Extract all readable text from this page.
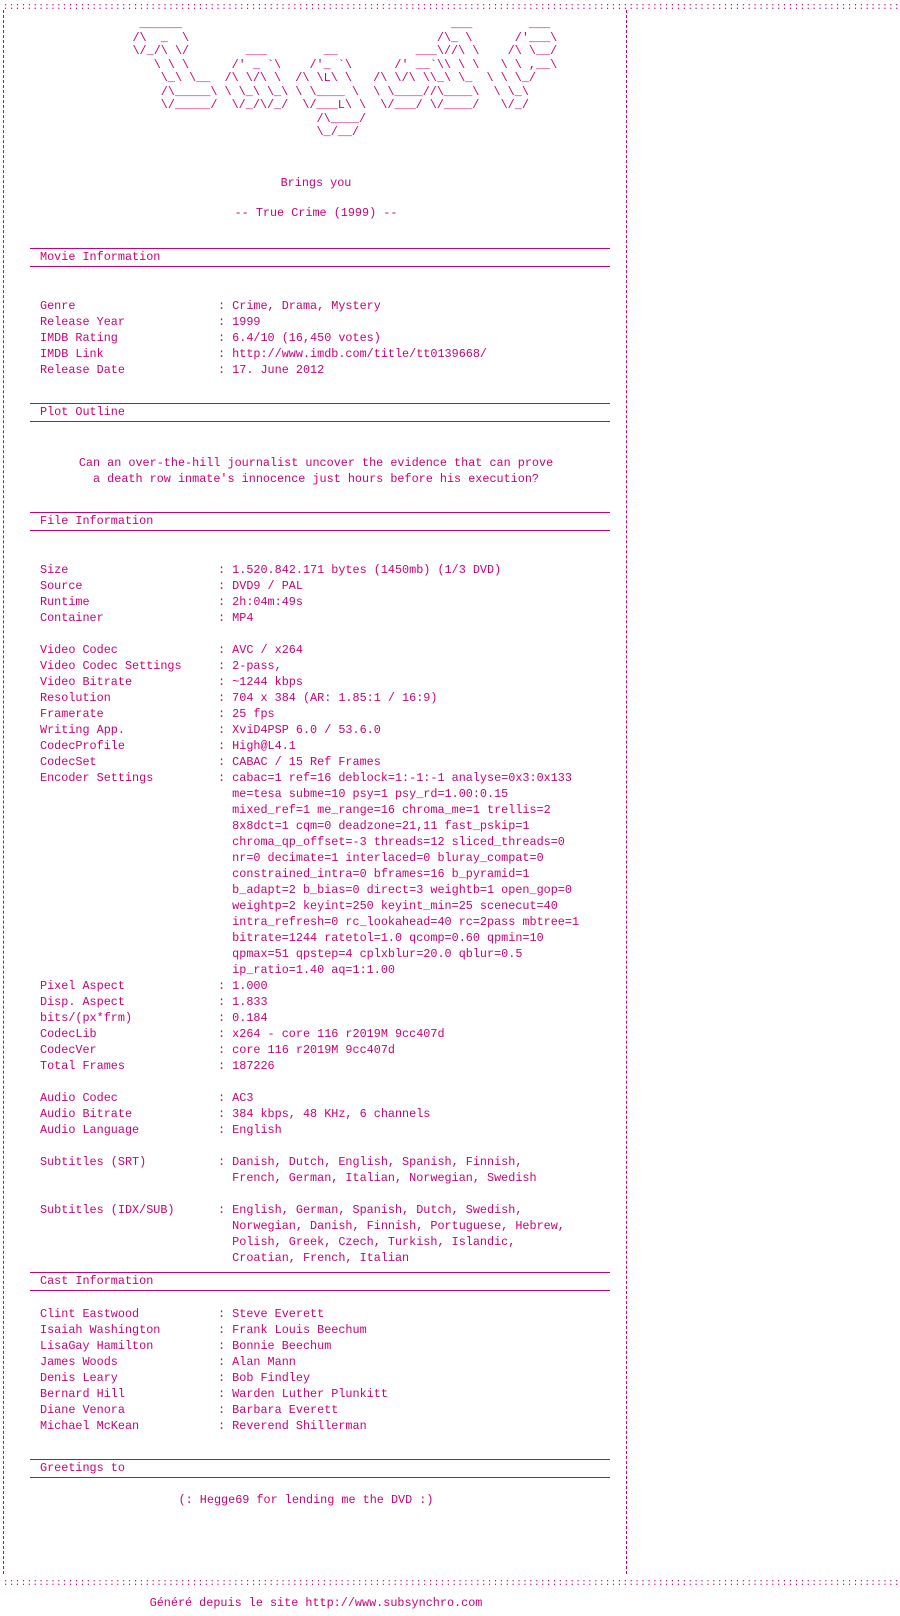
::::::::::::::::::::::::::::::::::::::::::::::::::::::::::::::::::::::::::::::::::::::::::::::::::::::::::::::::::::::::::::::::::::::::::::::::::::::::
::::::::::::::::::::::::::::::::::::::::::::::::::::::::::::::::::::::::::::::::::::::::::::::::::::::::::::::::::::::::::::::::::::::::::::::::::::::::
______                                      ___        ___
/\  _  \                                   /\_ \      /'___\
\/_/\ \/        ___        __           ___\//\ \    /\ \__/
\ \ \      /' _ `\    /'_ `\      /' __`\\ \ \   \ \ ,__\
\_\ \__  /\ \/\ \  /\ \L\ \   /\ \/\ \\_\ \_  \ \ \_/
/\_____\ \ \_\ \_\ \ \____ \  \ \____//\____\  \ \_\
\/_____/  \/_/\/_/  \/___L\ \  \/___/ \/____/   \/_/
/\____/
\_/__/
Brings you
-- True Crime (1999) --
Movie Information
Genre	: Crime, Drama, Mystery
Release Year	: 1999
IMDB Rating	: 6.4/10 (16,450 votes)
IMDB Link	: http://www.imdb.com/title/tt0139668/
Release Date	: 17. June 2012
Plot Outline
Can an over-the-hill journalist uncover the evidence that can prove
a death row inmate's innocence just hours before his execution?
File Information
Size	: 1.520.842.171 bytes (1450mb) (1/3 DVD)
Source	: DVD9 / PAL
Runtime	: 2h:04m:49s
Container	: MP4
Video Codec	: AVC / x264
Video Codec Settings	: 2-pass,
Video Bitrate	: ~1244 kbps
Resolution	: 704 x 384 (AR: 1.85:1 / 16:9)
Framerate	: 25 fps
Writing App.	: XviD4PSP 6.0 / 53.6.0
CodecProfile	: High@L4.1
CodecSet	: CABAC / 15 Ref Frames
Encoder Settings	: cabac=1 ref=16 deblock=1:-1:-1 analyse=0x3:0x133
me=tesa subme=10 psy=1 psy_rd=1.00:0.15
mixed_ref=1 me_range=16 chroma_me=1 trellis=2
8x8dct=1 cqm=0 deadzone=21,11 fast_pskip=1
chroma_qp_offset=-3 threads=12 sliced_threads=0
nr=0 decimate=1 interlaced=0 bluray_compat=0
constrained_intra=0 bframes=16 b_pyramid=1
b_adapt=2 b_bias=0 direct=3 weightb=1 open_gop=0
weightp=2 keyint=250 keyint_min=25 scenecut=40
intra_refresh=0 rc_lookahead=40 rc=2pass mbtree=1
bitrate=1244 ratetol=1.0 qcomp=0.60 qpmin=10
qpmax=51 qpstep=4 cplxblur=20.0 qblur=0.5
ip_ratio=1.40 aq=1:1.00
Pixel Aspect	: 1.000
Disp. Aspect	: 1.833
bits/(px*frm)	: 0.184
CodecLib	: x264 - core 116 r2019M 9cc407d
CodecVer	: core 116 r2019M 9cc407d
Total Frames	: 187226
Audio Codec	: AC3
Audio Bitrate	: 384 kbps, 48 KHz, 6 channels
Audio Language	: English
Subtitles (SRT)	: Danish, Dutch, English, Spanish, Finnish,
French, German, Italian, Norwegian, Swedish
Subtitles (IDX/SUB)	: English, German, Spanish, Dutch, Swedish,
Norwegian, Danish, Finnish, Portuguese, Hebrew,
Polish, Greek, Czech, Turkish, Islandic,
Croatian, French, Italian
Cast Information
Clint Eastwood	: Steve Everett
Isaiah Washington	: Frank Louis Beechum
LisaGay Hamilton	: Bonnie Beechum
James Woods	: Alan Mann
Denis Leary	: Bob Findley
Bernard Hill	: Warden Luther Plunkitt
Diane Venora	: Barbara Everett
Michael McKean	: Reverend Shillerman
Greetings to
(: Hegge69 for lending me the DVD :)
Généré depuis le site http://www.subsynchro.com
